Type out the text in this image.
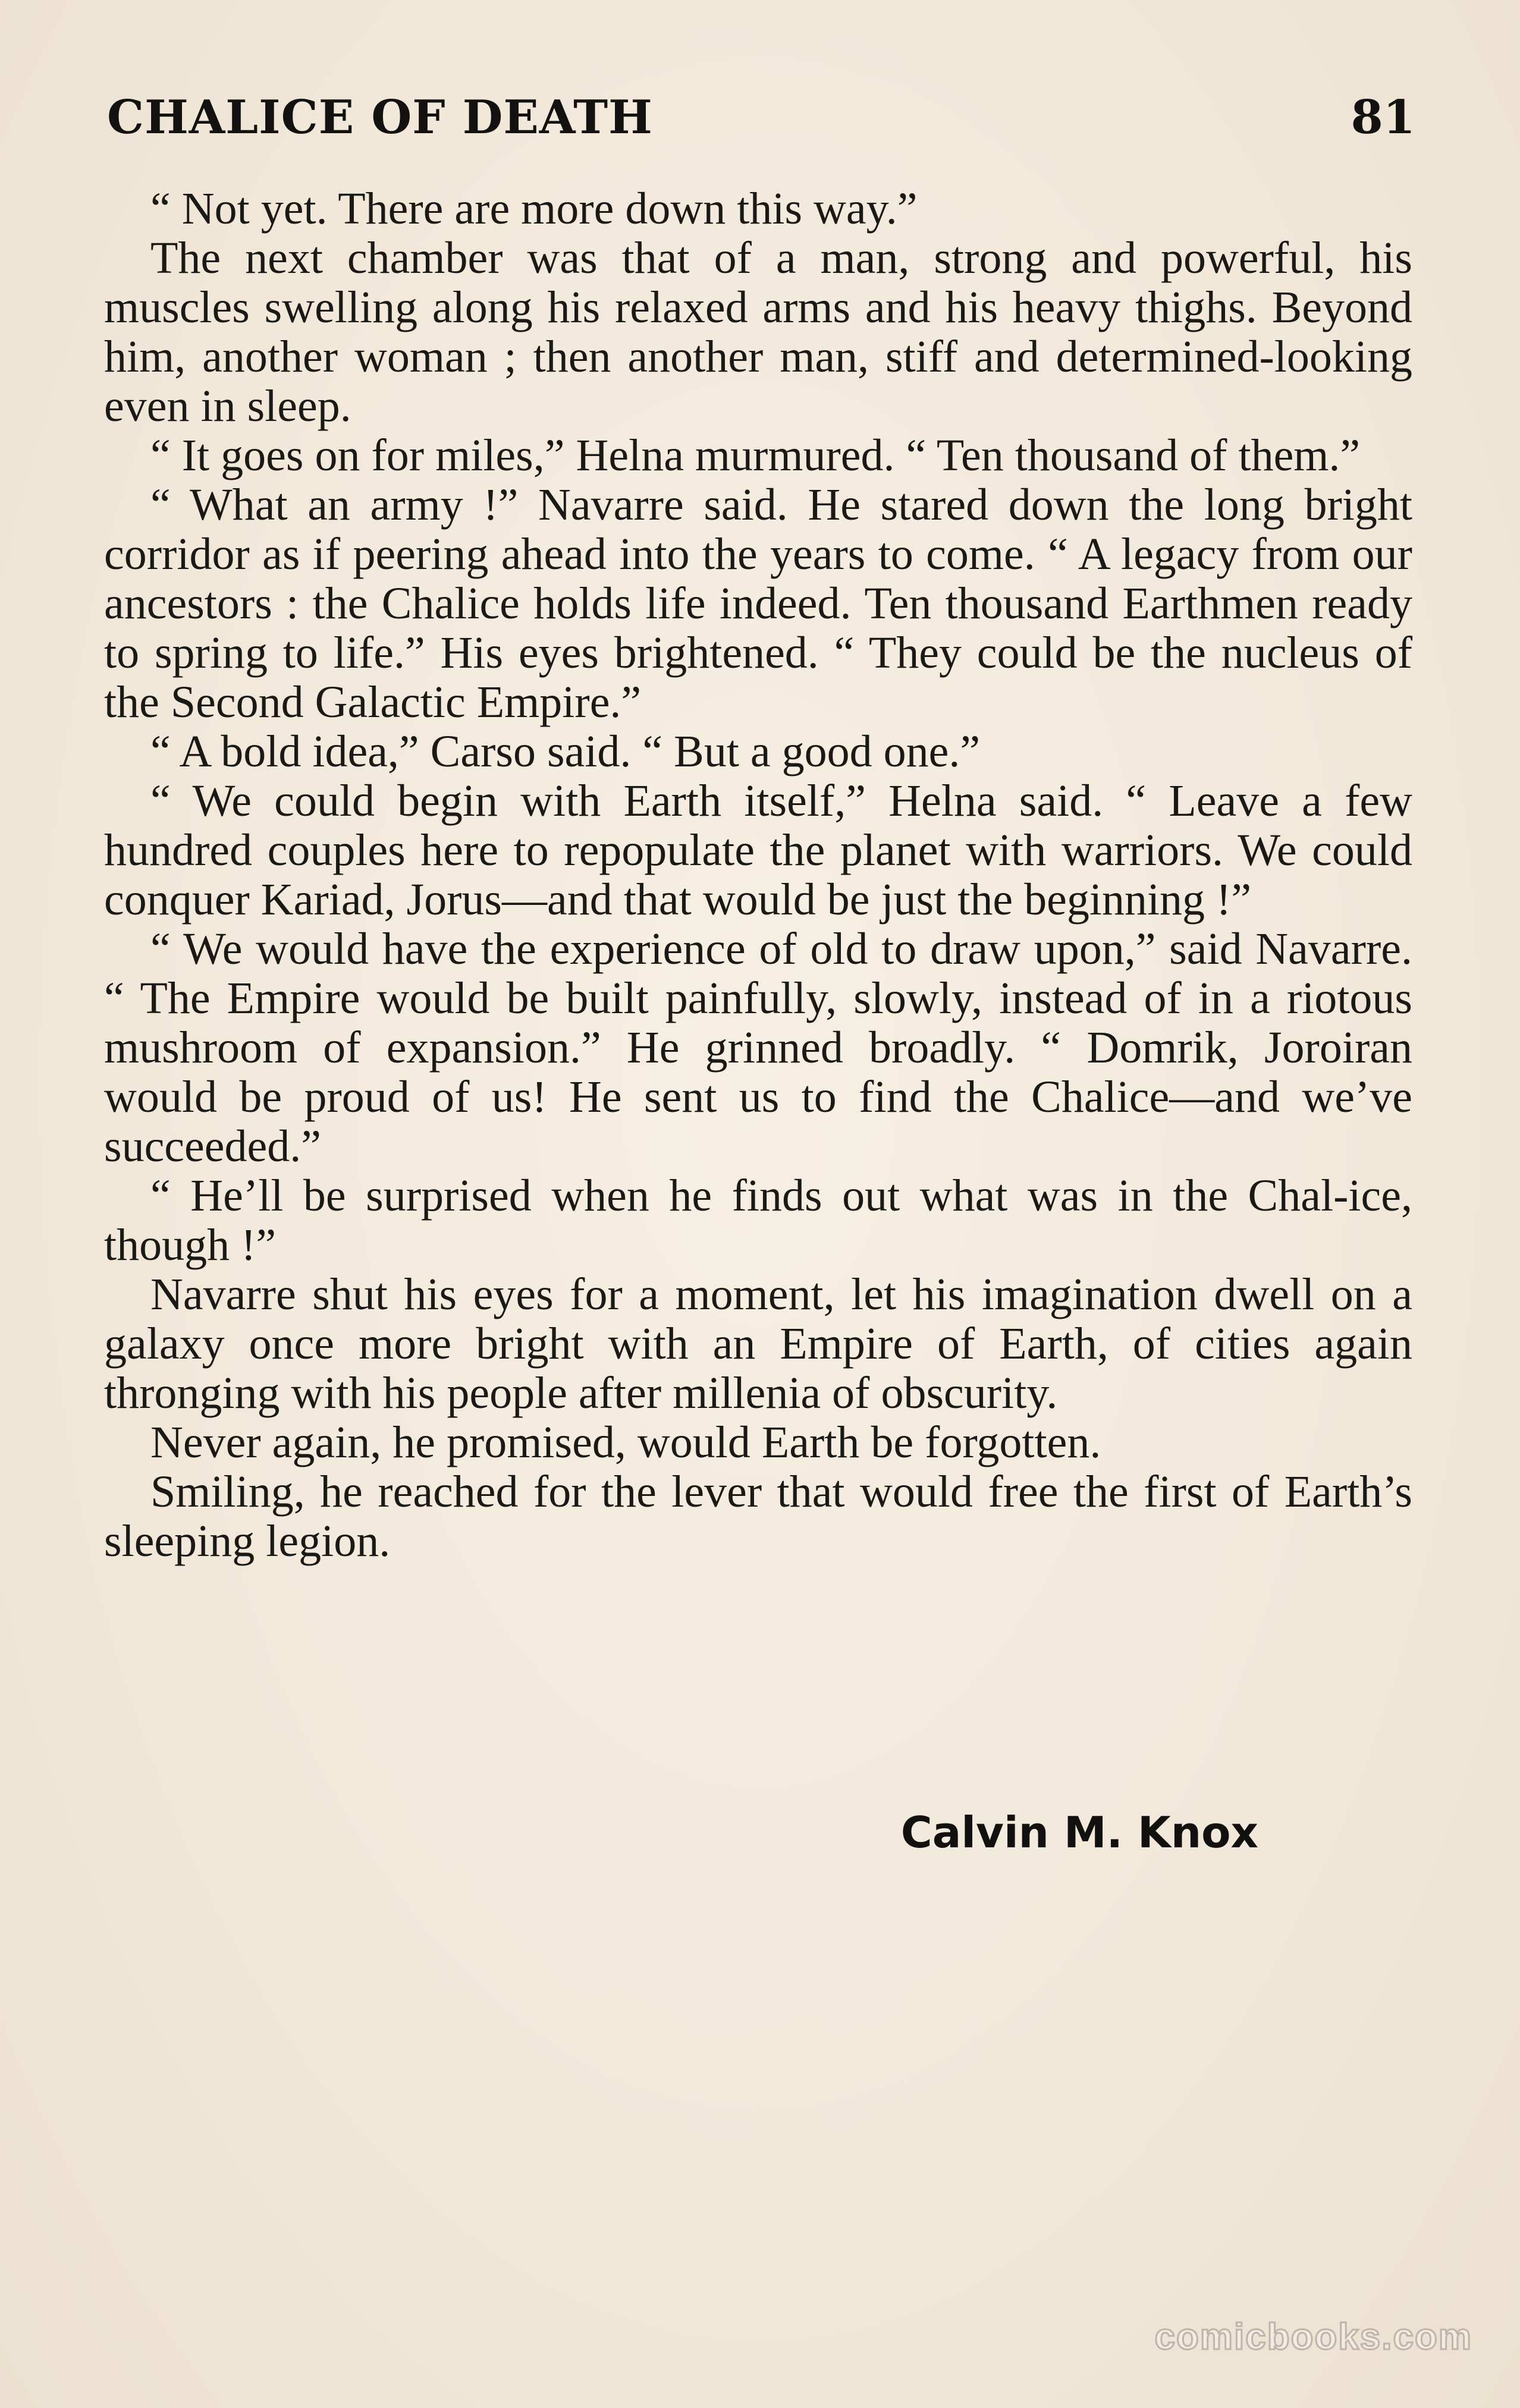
CHALICE OF DEATH	81

“ Not yet. There are more down this way.”

The next chamber was that of a man, strong and powerful, his muscles swelling along his relaxed arms and his heavy thighs. Beyond him, another woman ; then another man, stiff and determined-looking even in sleep.

“ It goes on for miles,” Helna murmured. “ Ten thousand of them.”

“ What an army !” Navarre said. He stared down the long bright corridor as if peering ahead into the years to come. “ A legacy from our ancestors : the Chalice holds life indeed. Ten thousand Earthmen ready to spring to life.” His eyes brightened. “ They could be the nucleus of the Second Galactic Empire.”

“ A bold idea,” Carso said. “ But a good one.”

“ We could begin with Earth itself,” Helna said. “ Leave a few hundred couples here to repopulate the planet with warriors. We could conquer Kariad, Jorus—and that would be just the beginning !”

“ We would have the experience of old to draw upon,” said Navarre. “ The Empire would be built painfully, slowly, instead of in a riotous mushroom of expansion.” He grinned broadly. “ Domrik, Joroiran would be proud of us! He sent us to find the Chalice—and we’ve succeeded.”

“ He’ll be surprised when he finds out what was in the Chal-ice, though !”

Navarre shut his eyes for a moment, let his imagination dwell on a galaxy once more bright with an Empire of Earth, of cities again thronging with his people after millenia of obscurity.

Never again, he promised, would Earth be forgotten.

Smiling, he reached for the lever that would free the first of Earth’s sleeping legion.

Calvin M. Knox
comicbooks.com
